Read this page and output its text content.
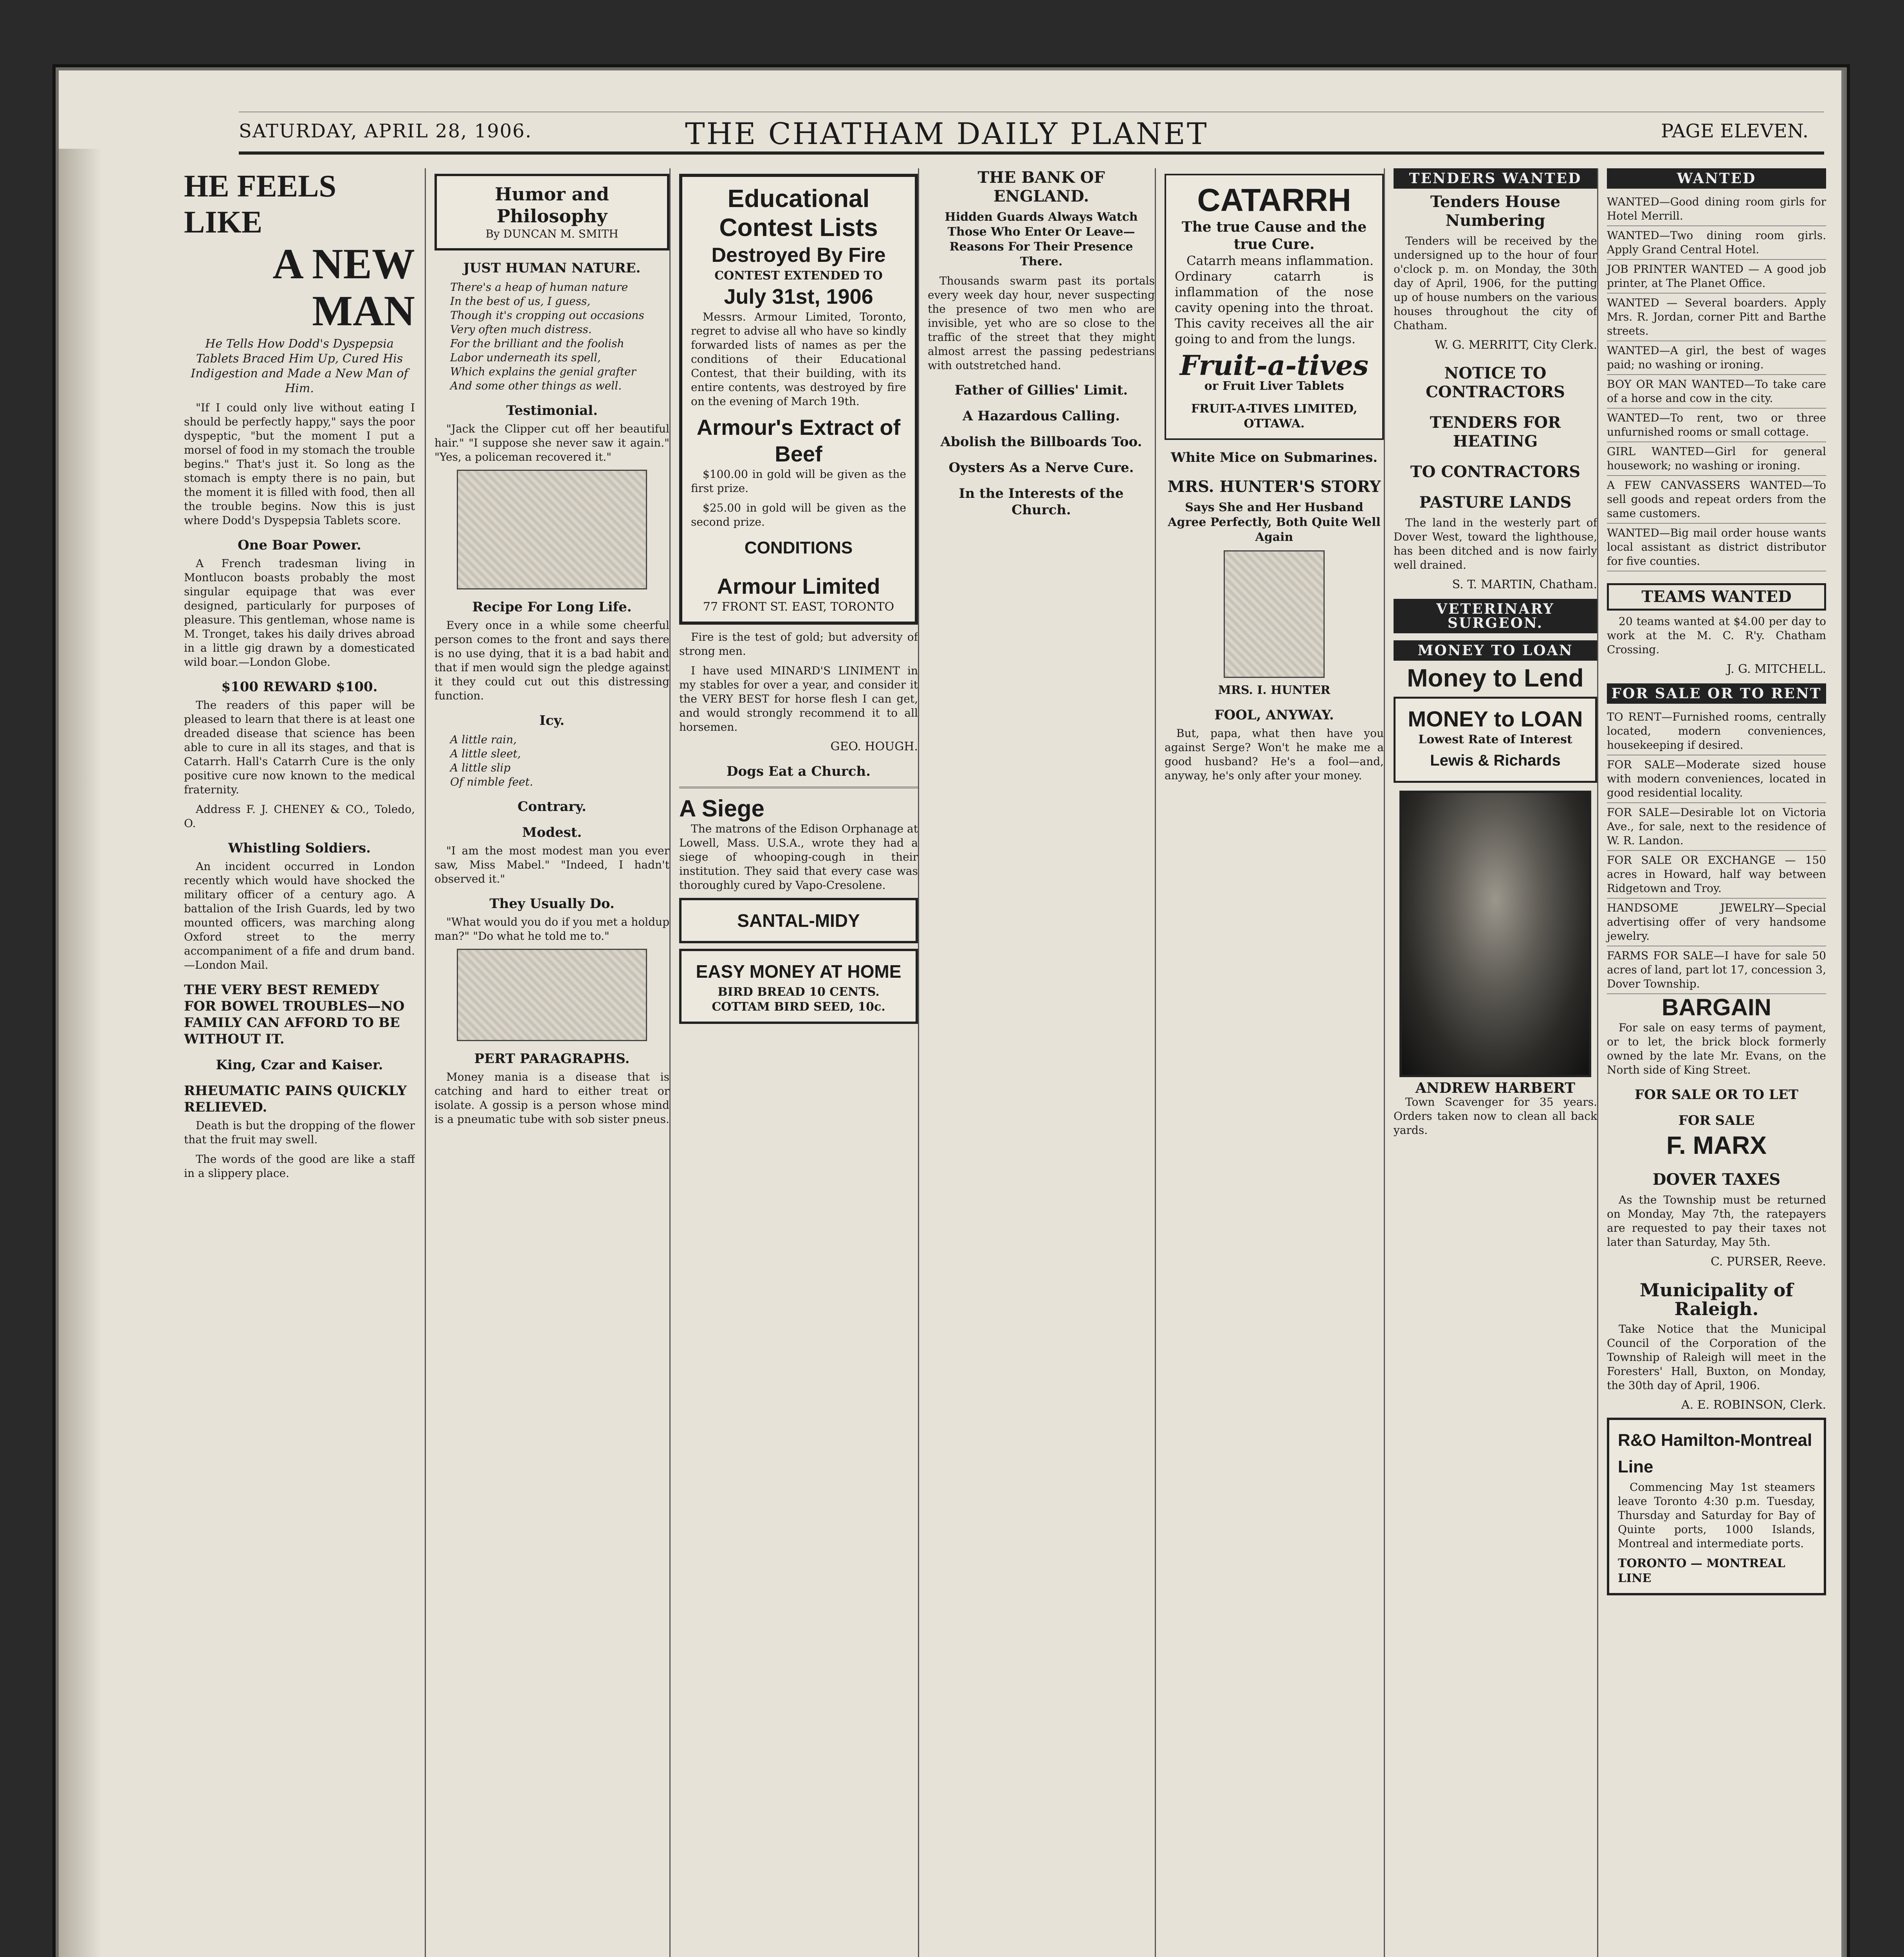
SATURDAY, APRIL 28, 1906.	THE CHATHAM DAILY PLANET	PAGE ELEVEN.
HE FEELS LIKE
A NEW MAN
He Tells How Dodd's Dyspepsia Tablets Braced Him Up, Cured His Indigestion and Made a New Man of Him.

"If I could only live without eating I should be perfectly happy," says the poor dyspeptic, "but the moment I put a morsel of food in my stomach the trouble begins." That's just it. So long as the stomach is empty there is no pain, but the moment it is filled with food, then all the trouble begins. Now this is just where Dodd's Dyspepsia Tablets score.

One Boar Power.

A French tradesman living in Montlucon boasts probably the most singular equipage that was ever designed, particularly for purposes of pleasure. This gentleman, whose name is M. Tronget, takes his daily drives abroad in a little gig drawn by a domesticated wild boar.—London Globe.

$100 REWARD $100.

The readers of this paper will be pleased to learn that there is at least one dreaded disease that science has been able to cure in all its stages, and that is Catarrh. Hall's Catarrh Cure is the only positive cure now known to the medical fraternity.

Address F. J. CHENEY & CO., Toledo, O.

Whistling Soldiers.

An incident occurred in London recently which would have shocked the military officer of a century ago. A battalion of the Irish Guards, led by two mounted officers, was marching along Oxford street to the merry accompaniment of a fife and drum band.—London Mail.

THE VERY BEST REMEDY FOR BOWEL TROUBLES—NO FAMILY CAN AFFORD TO BE WITHOUT IT.
King, Czar and Kaiser.
RHEUMATIC PAINS QUICKLY RELIEVED.

Death is but the dropping of the flower that the fruit may swell.

The words of the good are like a staff in a slippery place.

Humor and Philosophy
By DUNCAN M. SMITH
JUST HUMAN NATURE.
There's a heap of human nature
In the best of us, I guess,
Though it's cropping out occasions
Very often much distress.
For the brilliant and the foolish
Labor underneath its spell,
Which explains the genial grafter
And some other things as well.
Testimonial.

"Jack the Clipper cut off her beautiful hair." "I suppose she never saw it again." "Yes, a policeman recovered it."

Recipe For Long Life.

Every once in a while some cheerful person comes to the front and says there is no use dying, that it is a bad habit and that if men would sign the pledge against it they could cut out this distressing function.

Icy.
A little rain,
A little sleet,
A little slip
Of nimble feet.
Contrary.
Modest.

"I am the most modest man you ever saw, Miss Mabel." "Indeed, I hadn't observed it."

They Usually Do.

"What would you do if you met a holdup man?" "Do what he told me to."

PERT PARAGRAPHS.

Money mania is a disease that is catching and hard to either treat or isolate. A gossip is a person whose mind is a pneumatic tube with sob sister pneus.

Educational Contest Lists
Destroyed By Fire
CONTEST EXTENDED TO
July 31st, 1906

Messrs. Armour Limited, Toronto, regret to advise all who have so kindly forwarded lists of names as per the conditions of their Educational Contest, that their building, with its entire contents, was destroyed by fire on the evening of March 19th.

Armour's Extract of Beef

$100.00 in gold will be given as the first prize.

$25.00 in gold will be given as the second prize.

CONDITIONS
Armour Limited
77 FRONT ST. EAST, TORONTO

Fire is the test of gold; but adversity of strong men.

I have used MINARD'S LINIMENT in my stables for over a year, and consider it the VERY BEST for horse flesh I can get, and would strongly recommend it to all horsemen.

GEO. HOUGH.
Dogs Eat a Church.
A Siege

The matrons of the Edison Orphanage at Lowell, Mass. U.S.A., wrote they had a siege of whooping-cough in their institution. They said that every case was thoroughly cured by Vapo-Cresolene.

SANTAL-MIDY
EASY MONEY AT HOME
BIRD BREAD 10 CENTS.
COTTAM BIRD SEED, 10c.
THE BANK OF ENGLAND.
Hidden Guards Always Watch Those Who Enter Or Leave—Reasons For Their Presence There.

Thousands swarm past its portals every week day hour, never suspecting the presence of two men who are invisible, yet who are so close to the traffic of the street that they might almost arrest the passing pedestrians with outstretched hand.

Father of Gillies' Limit.
A Hazardous Calling.
Abolish the Billboards Too.
Oysters As a Nerve Cure.
In the Interests of the Church.
CATARRH
The true Cause and the true Cure.

Catarrh means inflammation. Ordinary catarrh is inflammation of the nose cavity opening into the throat. This cavity receives all the air going to and from the lungs.

Fruit-a-tives
or Fruit Liver Tablets
FRUIT-A-TIVES LIMITED, OTTAWA.
White Mice on Submarines.
MRS. HUNTER'S STORY
Says She and Her Husband Agree Perfectly, Both Quite Well Again
MRS. I. HUNTER
FOOL, ANYWAY.

But, papa, what then have you against Serge? Won't he make me a good husband? He's a fool—and, anyway, he's only after your money.

TENDERS WANTED
Tenders House Numbering

Tenders will be received by the undersigned up to the hour of four o'clock p. m. on Monday, the 30th day of April, 1906, for the putting up of house numbers on the various houses throughout the city of Chatham.

W. G. MERRITT, City Clerk.
NOTICE TO CONTRACTORS
TENDERS FOR HEATING
TO CONTRACTORS
PASTURE LANDS

The land in the westerly part of Dover West, toward the lighthouse, has been ditched and is now fairly well drained.

S. T. MARTIN, Chatham.
VETERINARY SURGEON.
MONEY TO LOAN
Money to Lend
MONEY to LOAN
Lowest Rate of Interest
Lewis & Richards
ANDREW HARBERT

Town Scavenger for 35 years. Orders taken now to clean all back yards.

WANTED
WANTED—Good dining room girls for Hotel Merrill.
WANTED—Two dining room girls. Apply Grand Central Hotel.
JOB PRINTER WANTED — A good job printer, at The Planet Office.
WANTED — Several boarders. Apply Mrs. R. Jordan, corner Pitt and Barthe streets.
WANTED—A girl, the best of wages paid; no washing or ironing.
BOY OR MAN WANTED—To take care of a horse and cow in the city.
WANTED—To rent, two or three unfurnished rooms or small cottage.
GIRL WANTED—Girl for general housework; no washing or ironing.
A FEW CANVASSERS WANTED—To sell goods and repeat orders from the same customers.
WANTED—Big mail order house wants local assistant as district distributor for five counties.
TEAMS WANTED

20 teams wanted at $4.00 per day to work at the M. C. R'y. Chatham Crossing.

J. G. MITCHELL.
FOR SALE OR TO RENT
TO RENT—Furnished rooms, centrally located, modern conveniences, housekeeping if desired.
FOR SALE—Moderate sized house with modern conveniences, located in good residential locality.
FOR SALE—Desirable lot on Victoria Ave., for sale, next to the residence of W. R. Landon.
FOR SALE OR EXCHANGE — 150 acres in Howard, half way between Ridgetown and Troy.
HANDSOME JEWELRY—Special advertising offer of very handsome jewelry.
FARMS FOR SALE—I have for sale 50 acres of land, part lot 17, concession 3, Dover Township.
BARGAIN

For sale on easy terms of payment, or to let, the brick block formerly owned by the late Mr. Evans, on the North side of King Street.

FOR SALE OR TO LET
FOR SALE
F. MARX
DOVER TAXES

As the Township must be returned on Monday, May 7th, the ratepayers are requested to pay their taxes not later than Saturday, May 5th.

C. PURSER, Reeve.
Municipality of Raleigh.

Take Notice that the Municipal Council of the Corporation of the Township of Raleigh will meet in the Foresters' Hall, Buxton, on Monday, the 30th day of April, 1906.

A. E. ROBINSON, Clerk.
R&O Hamilton-Montreal Line

Commencing May 1st steamers leave Toronto 4:30 p.m. Tuesday, Thursday and Saturday for Bay of Quinte ports, 1000 Islands, Montreal and intermediate ports.

TORONTO — MONTREAL LINE
